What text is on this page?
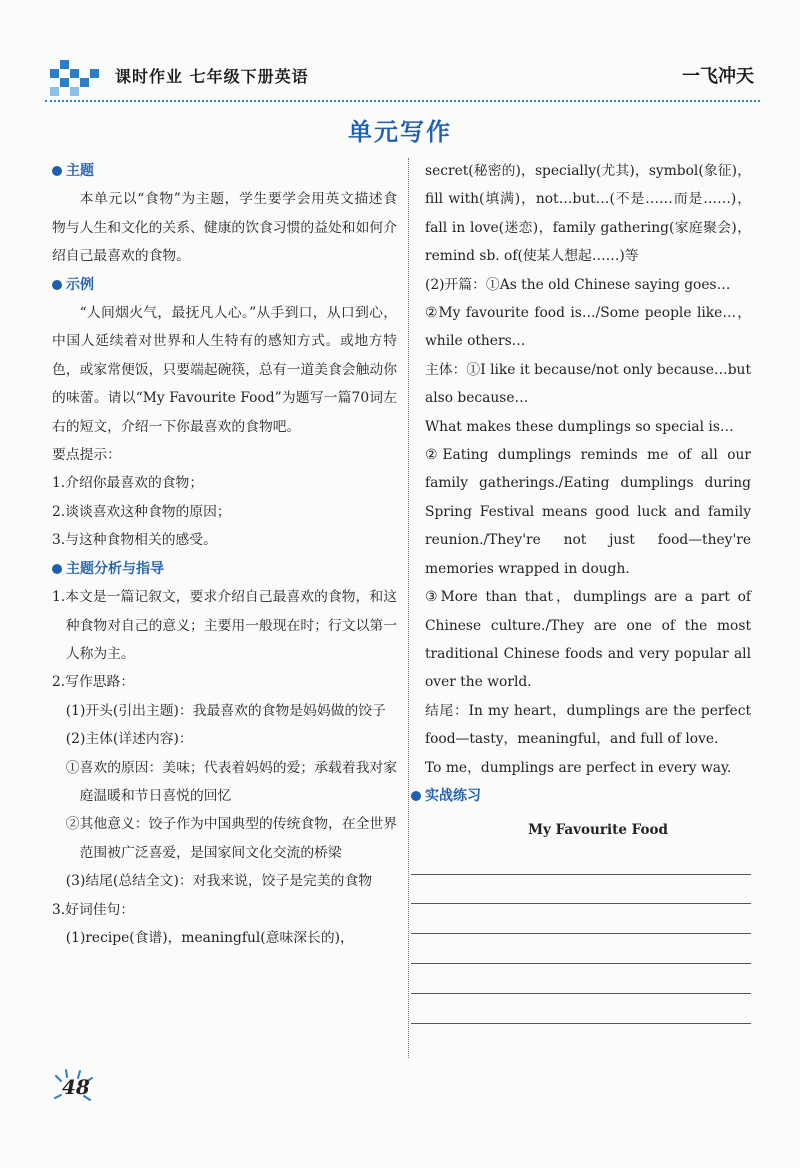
课时作业 七年级下册英语	一飞冲天
单元写作
主题
本单元以“食物”为主题，学生要学会用英文描述食物与人生和文化的关系、健康的饮食习惯的益处和如何介绍自己最喜欢的食物。
示例
“人间烟火气，最抚凡人心。”从手到口，从口到心，中国人延续着对世界和人生特有的感知方式。或地方特色，或家常便饭，只要端起碗筷，总有一道美食会触动你的味蕾。请以“My Favourite Food”为题写一篇70词左右的短文，介绍一下你最喜欢的食物吧。
要点提示：
1.介绍你最喜欢的食物；
2.谈谈喜欢这种食物的原因；
3.与这种食物相关的感受。
主题分析与指导
1.本文是一篇记叙文，要求介绍自己最喜欢的食物，和这种食物对自己的意义；主要用一般现在时；行文以第一人称为主。
2.写作思路：
(1)开头(引出主题)：我最喜欢的食物是妈妈做的饺子
(2)主体(详述内容)：
①喜欢的原因：美味；代表着妈妈的爱；承载着我对家庭温暖和节日喜悦的回忆
②其他意义：饺子作为中国典型的传统食物，在全世界范围被广泛喜爱，是国家间文化交流的桥梁
(3)结尾(总结全文)：对我来说，饺子是完美的食物
3.好词佳句：
(1)recipe(食谱)，meaningful(意味深长的)，
secret(秘密的)，specially(尤其)，symbol(象征)，fill with(填满)，not…but…(不是……而是……)，fall in love(迷恋)，family gathering(家庭聚会)，remind sb. of(使某人想起……)等
(2)开篇：①As the old Chinese saying goes…
②My favourite food is…/Some people like…，while others…
主体：①I like it because/not only because…but also because…
What makes these dumplings so special is…
②Eating dumplings reminds me of all our family gatherings./Eating dumplings during Spring Festival means good luck and family reunion./They're not just food—they're memories wrapped in dough.
③More than that，dumplings are a part of Chinese culture./They are one of the most traditional Chinese foods and very popular all over the world.
结尾：In my heart，dumplings are the perfect food—tasty，meaningful，and full of love.
To me，dumplings are perfect in every way.
实战练习
My Favourite Food
48
